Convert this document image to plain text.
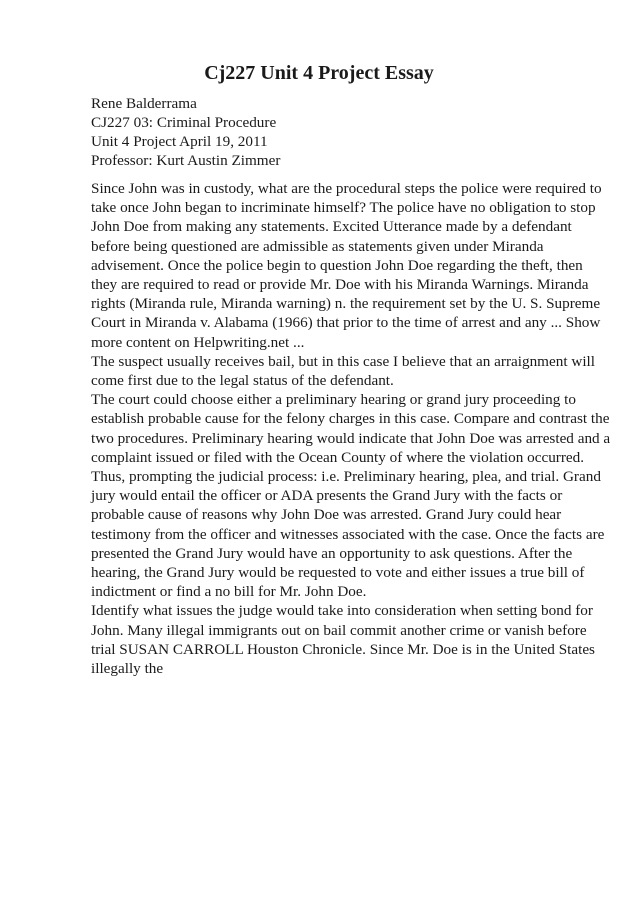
Cj227 Unit 4 Project Essay
Rene Balderrama
CJ227 03: Criminal Procedure
Unit 4 Project April 19, 2011
Professor: Kurt Austin Zimmer
Since John was in custody, what are the procedural steps the police were required to
take once John began to incriminate himself? The police have no obligation to stop
John Doe from making any statements. Excited Utterance made by a defendant
before being questioned are admissible as statements given under Miranda
advisement. Once the police begin to question John Doe regarding the theft, then
they are required to read or provide Mr. Doe with his Miranda Warnings. Miranda
rights (Miranda rule, Miranda warning) n. the requirement set by the U. S. Supreme
Court in Miranda v. Alabama (1966) that prior to the time of arrest and any ... Show
more content on Helpwriting.net ...
The suspect usually receives bail, but in this case I believe that an arraignment will
come first due to the legal status of the defendant.
The court could choose either a preliminary hearing or grand jury proceeding to
establish probable cause for the felony charges in this case. Compare and contrast the
two procedures. Preliminary hearing would indicate that John Doe was arrested and a
complaint issued or filed with the Ocean County of where the violation occurred.
Thus, prompting the judicial process: i.e. Preliminary hearing, plea, and trial. Grand
jury would entail the officer or ADA presents the Grand Jury with the facts or
probable cause of reasons why John Doe was arrested. Grand Jury could hear
testimony from the officer and witnesses associated with the case. Once the facts are
presented the Grand Jury would have an opportunity to ask questions. After the
hearing, the Grand Jury would be requested to vote and either issues a true bill of
indictment or find a no bill for Mr. John Doe.
Identify what issues the judge would take into consideration when setting bond for
John. Many illegal immigrants out on bail commit another crime or vanish before
trial SUSAN CARROLL Houston Chronicle. Since Mr. Doe is in the United States
illegally the
